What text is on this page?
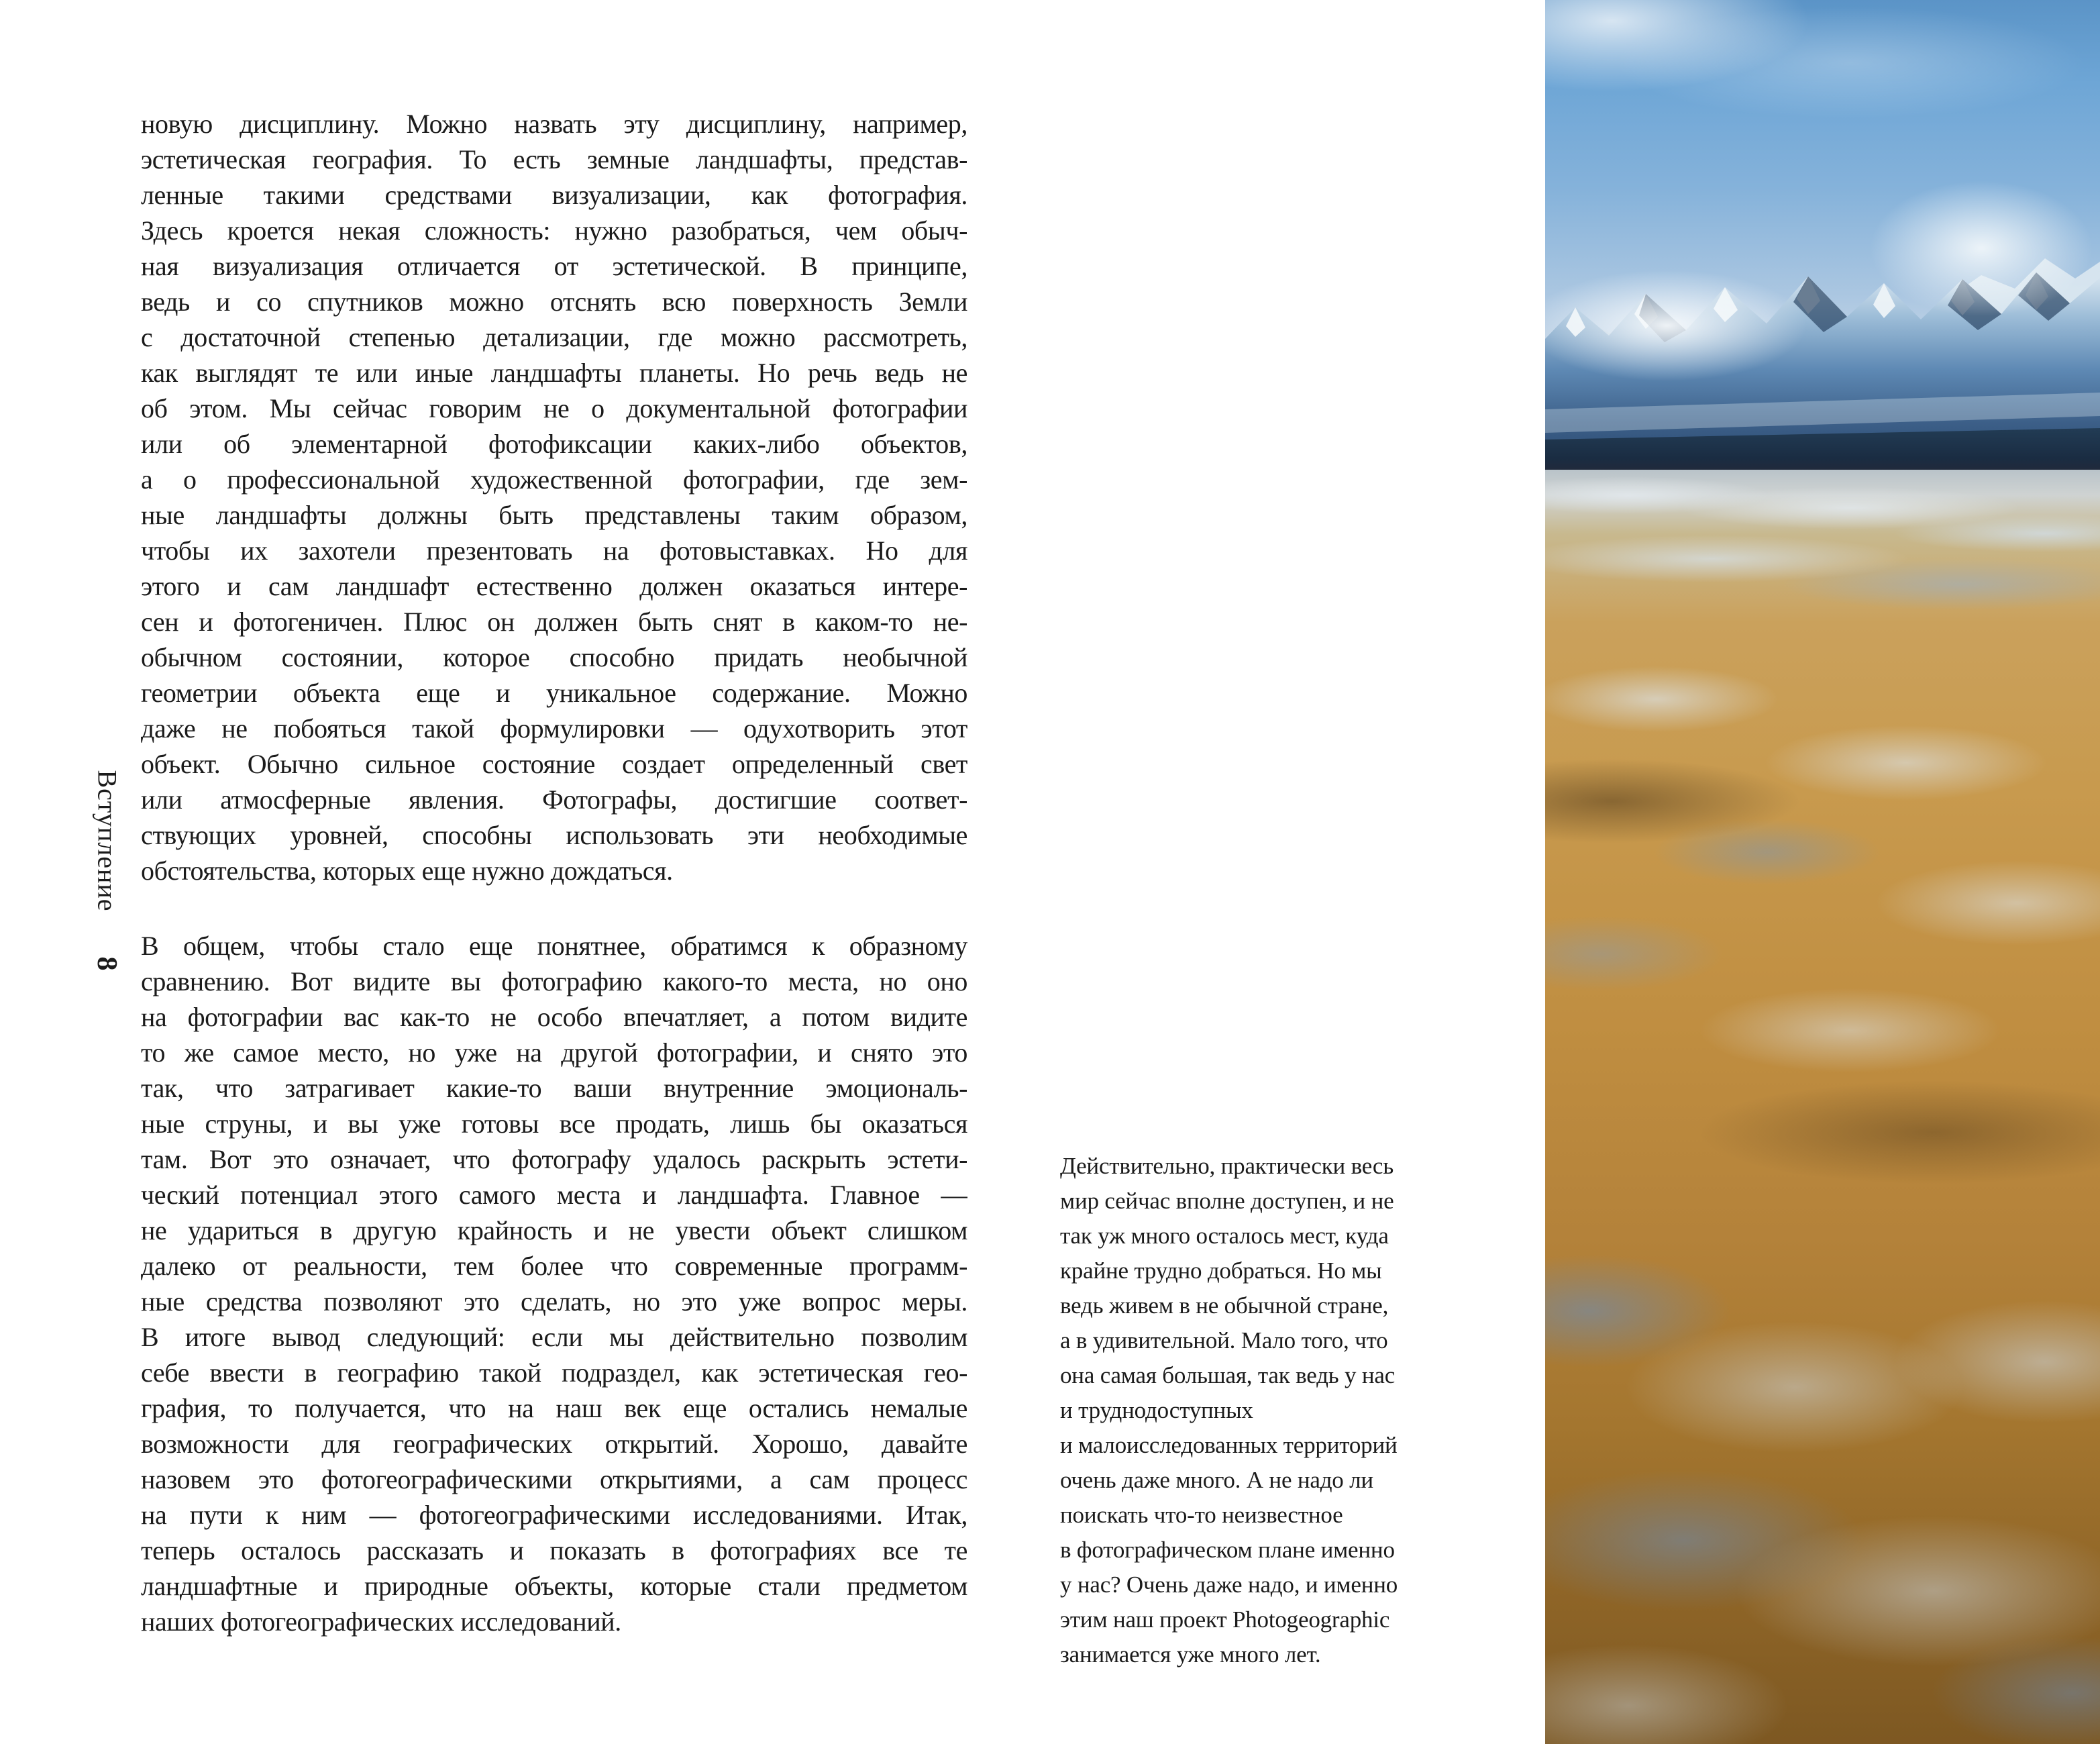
Вступление
8
новую дисциплину. Можно назвать эту дисциплину, например,
эстетическая география. То есть земные ландшафты, представ-
ленные такими средствами визуализации, как фотография.
Здесь кроется некая сложность: нужно разобраться, чем обыч-
ная визуализация отличается от эстетической. В принципе,
ведь и со спутников можно отснять всю поверхность Земли
с достаточной степенью детализации, где можно рассмотреть,
как выглядят те или иные ландшафты планеты. Но речь ведь не
об этом. Мы сейчас говорим не о документальной фотографии
или об элементарной фотофиксации каких-либо объектов,
а о профессиональной художественной фотографии, где зем-
ные ландшафты должны быть представлены таким образом,
чтобы их захотели презентовать на фотовыставках. Но для
этого и сам ландшафт естественно должен оказаться интере-
сен и фотогеничен. Плюс он должен быть снят в каком-то не-
обычном состоянии, которое способно придать необычной
геометрии объекта еще и уникальное содержание. Можно
даже не побояться такой формулировки — одухотворить этот
объект. Обычно сильное состояние создает определенный свет
или атмосферные явления. Фотографы, достигшие соответ-
ствующих уровней, способны использовать эти необходимые
обстоятельства, которых еще нужно дождаться.
В общем, чтобы стало еще понятнее, обратимся к образному
сравнению. Вот видите вы фотографию какого-то места, но оно
на фотографии вас как-то не особо впечатляет, а потом видите
то же самое место, но уже на другой фотографии, и снято это
так, что затрагивает какие-то ваши внутренние эмоциональ-
ные струны, и вы уже готовы все продать, лишь бы оказаться
там. Вот это означает, что фотографу удалось раскрыть эстети-
ческий потенциал этого самого места и ландшафта. Главное —
не удариться в другую крайность и не увести объект слишком
далеко от реальности, тем более что современные программ-
ные средства позволяют это сделать, но это уже вопрос меры.
В итоге вывод следующий: если мы действительно позволим
себе ввести в географию такой подраздел, как эстетическая гео-
графия, то получается, что на наш век еще остались немалые
возможности для географических открытий. Хорошо, давайте
назовем это фотогеографическими открытиями, а сам процесс
на пути к ним — фотогеографическими исследованиями. Итак,
теперь осталось рассказать и показать в фотографиях все те
ландшафтные и природные объекты, которые стали предметом
наших фотогеографических исследований.
Действительно, практически весь
мир сейчас вполне доступен, и не
так уж много осталось мест, куда
крайне трудно добраться. Но мы
ведь живем в не обычной стране,
а в удивительной. Мало того, что
она самая большая, так ведь у нас
и труднодоступных
и малоисследованных территорий
очень даже много. А не надо ли
поискать что-то неизвестное
в фотографическом плане именно
у нас? Очень даже надо, и именно
этим наш проект Photogeographic
занимается уже много лет.
